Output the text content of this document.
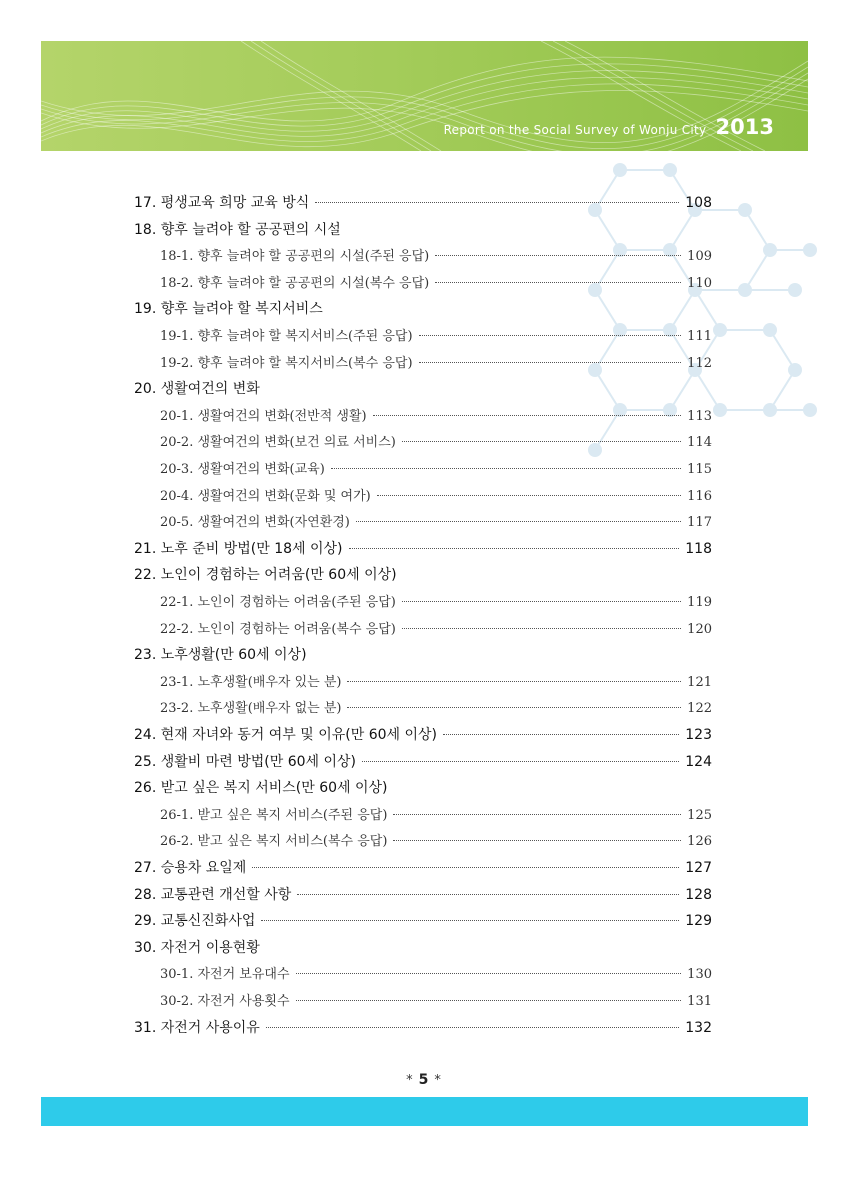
Report on the Social Survey of Wonju City 2013
17. 평생교육 희망 교육 방식	108
18. 향후 늘려야 할 공공편의 시설
18-1. 향후 늘려야 할 공공편의 시설(주된 응답)	109
18-2. 향후 늘려야 할 공공편의 시설(복수 응답)	110
19. 향후 늘려야 할 복지서비스
19-1. 향후 늘려야 할 복지서비스(주된 응답)	111
19-2. 향후 늘려야 할 복지서비스(복수 응답)	112
20. 생활여건의 변화
20-1. 생활여건의 변화(전반적 생활)	113
20-2. 생활여건의 변화(보건 의료 서비스)	114
20-3. 생활여건의 변화(교육)	115
20-4. 생활여건의 변화(문화 및 여가)	116
20-5. 생활여건의 변화(자연환경)	117
21. 노후 준비 방법(만 18세 이상)	118
22. 노인이 경험하는 어려움(만 60세 이상)
22-1. 노인이 경험하는 어려움(주된 응답)	119
22-2. 노인이 경험하는 어려움(복수 응답)	120
23. 노후생활(만 60세 이상)
23-1. 노후생활(배우자 있는 분)	121
23-2. 노후생활(배우자 없는 분)	122
24. 현재 자녀와 동거 여부 및 이유(만 60세 이상)	123
25. 생활비 마련 방법(만 60세 이상)	124
26. 받고 싶은 복지 서비스(만 60세 이상)
26-1. 받고 싶은 복지 서비스(주된 응답)	125
26-2. 받고 싶은 복지 서비스(복수 응답)	126
27. 승용차 요일제	127
28. 교통관련 개선할 사항	128
29. 교통신진화사업	129
30. 자전거 이용현황
30-1. 자전거 보유대수	130
30-2. 자전거 사용횟수	131
31. 자전거 사용이유	132
* 5 *
